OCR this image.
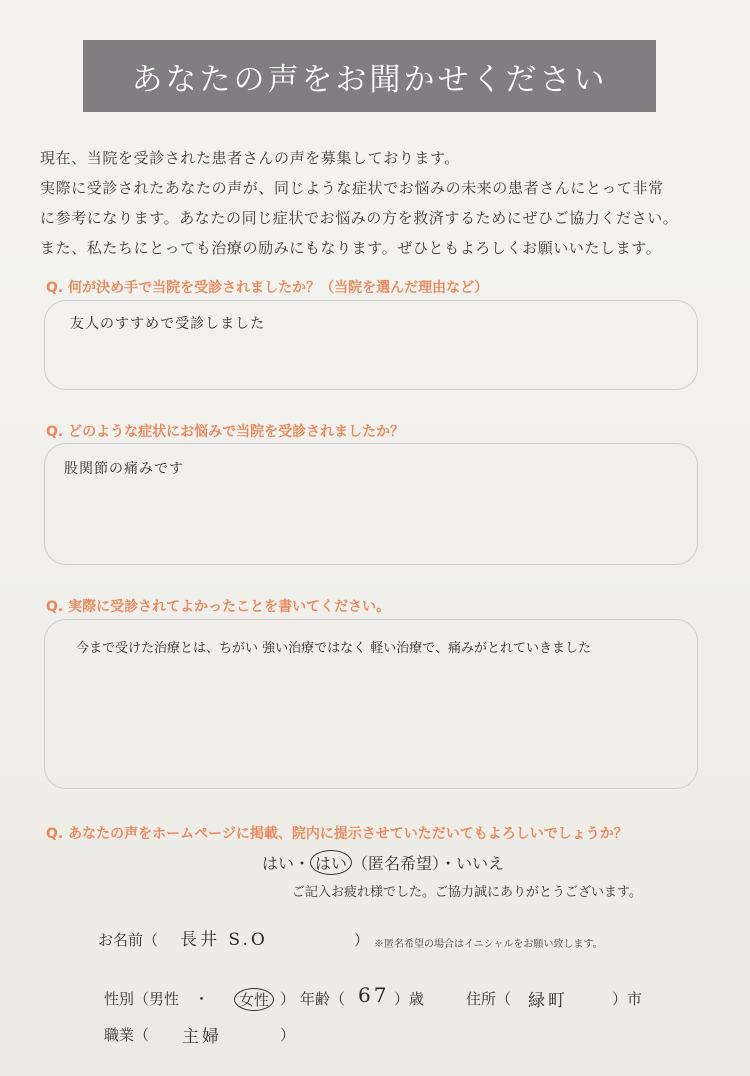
あなたの声をお聞かせください
現在、当院を受診された患者さんの声を募集しております。
実際に受診されたあなたの声が、同じような症状でお悩みの未来の患者さんにとって非常
に参考になります。あなたの同じ症状でお悩みの方を救済するためにぜひご協力ください。
また、私たちにとっても治療の励みにもなります。ぜひともよろしくお願いいたします。
Q. 何が決め手で当院を受診されましたか？（当院を選んだ理由など）
友人のすすめで受診しました
Q. どのような症状にお悩みで当院を受診されましたか？
股関節の痛みです
Q. 実際に受診されてよかったことを書いてください。
今まで受けた治療とは、ちがい 強い治療ではなく 軽い治療で、痛みがとれていきました
Q. あなたの声をホームページに掲載、院内に提示させていただいてもよろしいでしょうか？
はい・ はい （匿名希望）・いいえ
ご記入お疲れ様でした。ご協力誠にありがとうございます。
お名前（ 長井 S.O	） ※匿名希望の場合はイニシャルをお願い致します。
性別（男性　・	女性 ） 年齢（ 67 ）歳	住所（ 緑町	）市
職業（ 主婦	）
